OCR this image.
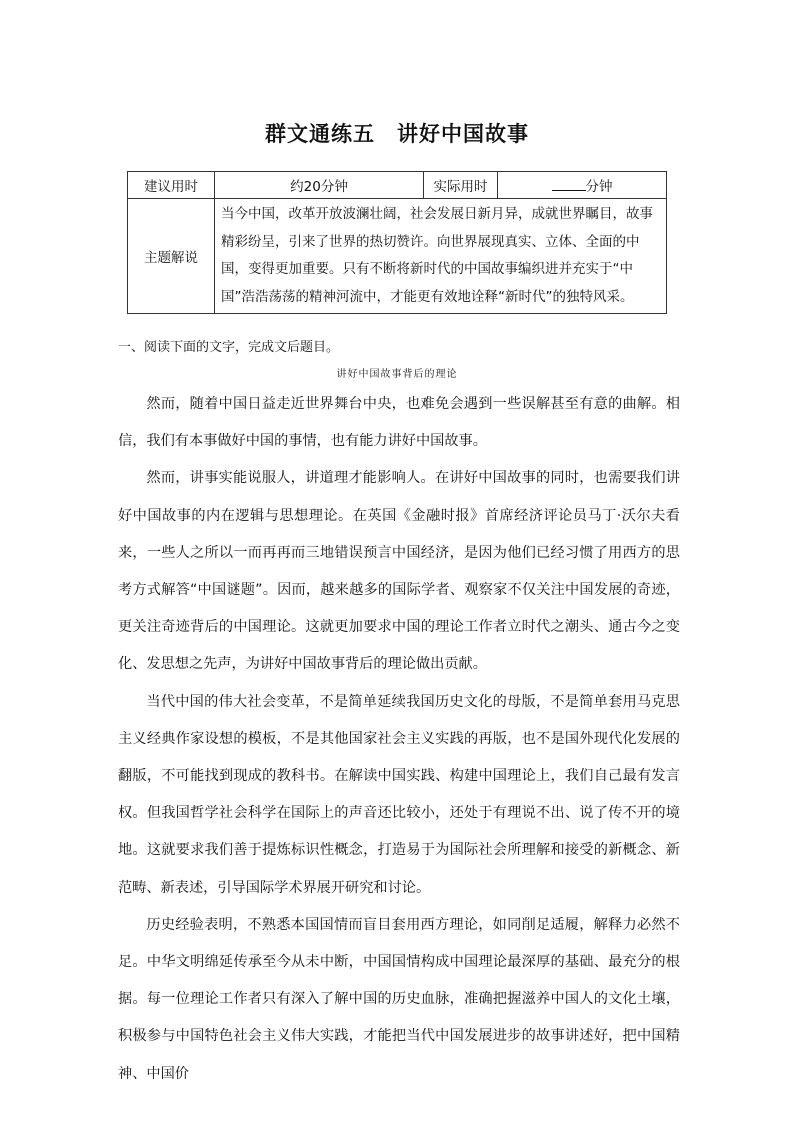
群文通练五　讲好中国故事
建议用时	约20分钟	实际用时	分钟
主题解说	当今中国，改革开放波澜壮阔，社会发展日新月异，成就世界瞩目，故事精彩纷呈，引来了世界的热切赞许。向世界展现真实、立体、全面的中国，变得更加重要。只有不断将新时代的中国故事编织进并充实于“中国”浩浩荡荡的精神河流中，才能更有效地诠释“新时代”的独特风采。		
一、阅读下面的文字，完成文后题目。
讲好中国故事背后的理论

然而，随着中国日益走近世界舞台中央，也难免会遇到一些误解甚至有意的曲解。相信，我们有本事做好中国的事情，也有能力讲好中国故事。

然而，讲事实能说服人，讲道理才能影响人。在讲好中国故事的同时，也需要我们讲好中国故事的内在逻辑与思想理论。在英国《金融时报》首席经济评论员马丁·沃尔夫看来，一些人之所以一而再再而三地错误预言中国经济，是因为他们已经习惯了用西方的思考方式解答“中国谜题”。因而，越来越多的国际学者、观察家不仅关注中国发展的奇迹，更关注奇迹背后的中国理论。这就更加要求中国的理论工作者立时代之潮头、通古今之变化、发思想之先声，为讲好中国故事背后的理论做出贡献。

当代中国的伟大社会变革，不是简单延续我国历史文化的母版，不是简单套用马克思主义经典作家设想的模板，不是其他国家社会主义实践的再版，也不是国外现代化发展的翻版，不可能找到现成的教科书。在解读中国实践、构建中国理论上，我们自己最有发言权。但我国哲学社会科学在国际上的声音还比较小，还处于有理说不出、说了传不开的境地。这就要求我们善于提炼标识性概念，打造易于为国际社会所理解和接受的新概念、新范畴、新表述，引导国际学术界展开研究和讨论。

历史经验表明，不熟悉本国国情而盲目套用西方理论，如同削足适履，解释力必然不足。中华文明绵延传承至今从未中断，中国国情构成中国理论最深厚的基础、最充分的根据。每一位理论工作者只有深入了解中国的历史血脉，准确把握滋养中国人的文化土壤，积极参与中国特色社会主义伟大实践，才能把当代中国发展进步的故事讲述好，把中国精神、中国价
